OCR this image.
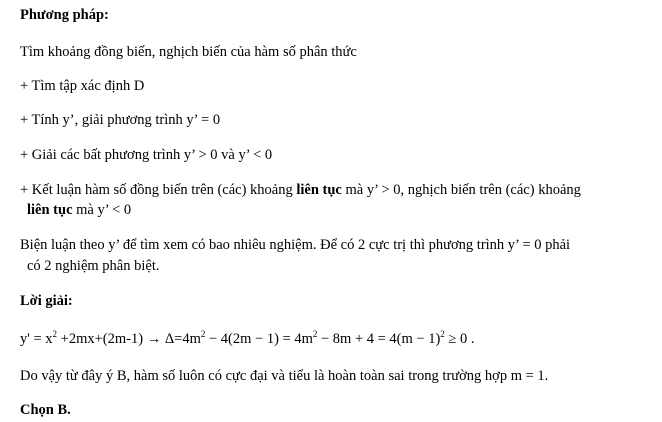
Phương pháp:
Tìm khoảng đồng biến, nghịch biến của hàm số phân thức
+ Tìm tập xác định D
+ Tính y’, giải phương trình y’ = 0
+ Giải các bất phương trình y’ > 0 và y’ < 0
+ Kết luận hàm số đồng biến trên (các) khoảng liên tục mà y’ > 0, nghịch biến trên (các) khoảng
liên tục mà y’ < 0
Biện luận theo y’ để tìm xem có bao nhiêu nghiệm. Để có 2 cực trị thì phương trình y’ = 0 phải
có 2 nghiệm phân biệt.
Lời giải:
$y' = x^2 +2mx+(2m-1) \to \Delta=4m^2 - 4(2m - 1) = 4m^2 - 8m + 4 = 4(m - 1)^2 \ge 0$ .
Do vậy từ đây ý B, hàm số luôn có cực đại và tiểu là hoàn toàn sai trong trường hợp m = 1.
Chọn B.
